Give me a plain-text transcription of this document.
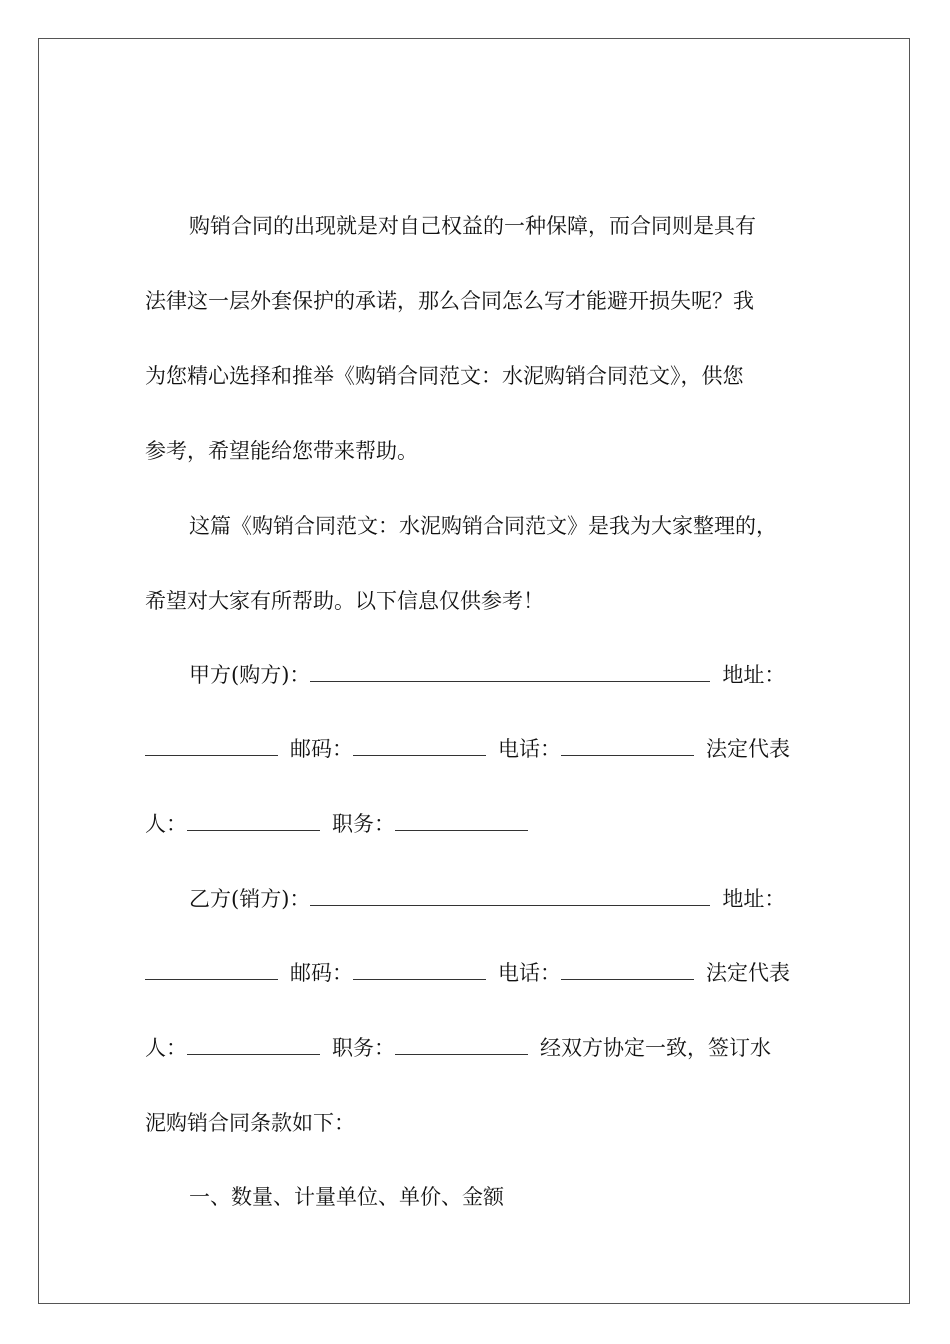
购销合同的出现就是对自己权益的一种保障，而合同则是具有
法律这一层外套保护的承诺，那么合同怎么写才能避开损失呢？我
为您精心选择和推举《购销合同范文：水泥购销合同范文》，供您
参考，希望能给您带来帮助。
这篇《购销合同范文：水泥购销合同范文》是我为大家整理的，
希望对大家有所帮助。以下信息仅供参考！
甲方(购方)：	地址：
邮码：	电话：	法定代表
人：	职务：
乙方(销方)：	地址：
邮码：	电话：	法定代表
人：	职务：	经双方协定一致，签订水
泥购销合同条款如下：
一、数量、计量单位、单价、金额
